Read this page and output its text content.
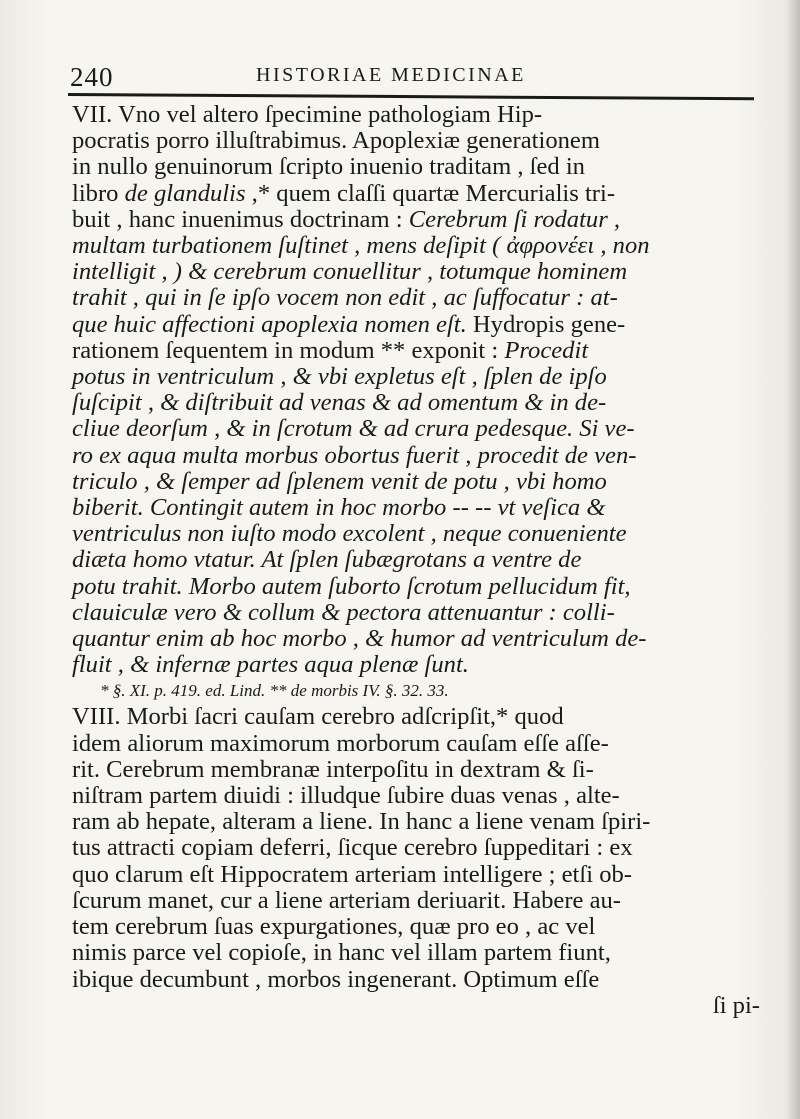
240	HISTORIAE MEDICINAE
VII. Vno vel altero ſpecimine pathologiam Hip-
pocratis porro illuſtrabimus. Apoplexiæ generationem
in nullo genuinorum ſcripto inuenio traditam , ſed in
libro de glandulis ,* quem claſſi quartæ Mercurialis tri-
buit , hanc inuenimus doctrinam : Cerebrum ſi rodatur ,
multam turbationem ſuſtinet , mens deſipit ( ἀφρονέει , non
intelligit , ) & cerebrum conuellitur , totumque hominem
trahit , qui in ſe ipſo vocem non edit , ac ſuffocatur : at-
que huic affectioni apoplexia nomen eſt. Hydropis gene-
rationem ſequentem in modum ** exponit : Procedit
potus in ventriculum , & vbi expletus eſt , ſplen de ipſo
ſuſcipit , & diſtribuit ad venas & ad omentum & in de-
cliue deorſum , & in ſcrotum & ad crura pedesque. Si ve-
ro ex aqua multa morbus obortus fuerit , procedit de ven-
triculo , & ſemper ad ſplenem venit de potu , vbi homo
biberit. Contingit autem in hoc morbo -- -- vt veſica &
ventriculus non iuſto modo excolent , neque conueniente
diæta homo vtatur. At ſplen ſubægrotans a ventre de
potu trahit. Morbo autem ſuborto ſcrotum pellucidum fit,
clauiculæ vero & collum & pectora attenuantur : colli-
quantur enim ab hoc morbo , & humor ad ventriculum de-
fluit , & infernæ partes aqua plenæ ſunt.
* §. XI. p. 419. ed. Lind. ** de morbis IV. §. 32. 33.
VIII. Morbi ſacri cauſam cerebro adſcripſit,* quod
idem aliorum maximorum morborum cauſam eſſe aſſe-
rit. Cerebrum membranæ interpoſitu in dextram & ſi-
niſtram partem diuidi : illudque ſubire duas venas , alte-
ram ab hepate, alteram a liene. In hanc a liene venam ſpiri-
tus attracti copiam deferri, ſicque cerebro ſuppeditari : ex
quo clarum eſt Hippocratem arteriam intelligere ; etſi ob-
ſcurum manet, cur a liene arteriam deriuarit. Habere au-
tem cerebrum ſuas expurgationes, quæ pro eo , ac vel
nimis parce vel copioſe, in hanc vel illam partem fiunt,
ibique decumbunt , morbos ingenerant. Optimum eſſe
ſi pi-
